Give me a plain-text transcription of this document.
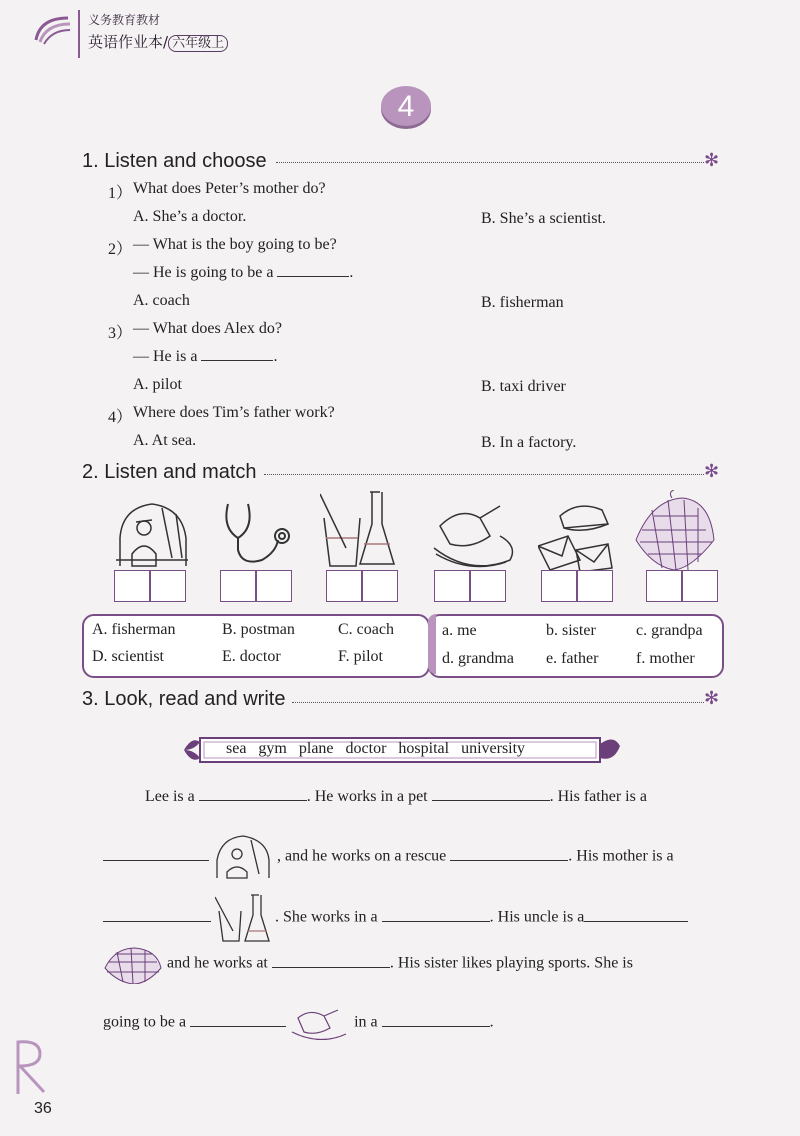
义务教育教材
英语作业本/ 六年级上
4
1. Listen and choose	✻
1） What does Peter’s mother do?
A. She’s a doctor.	B. She’s a scientist.
2） — What is the boy going to be?
— He is going to be a	.
A. coach	B. fisherman
3） — What does Alex do?
— He is a	.
A. pilot	B. taxi driver
4） Where does Tim’s father work?
A. At sea.	B. In a factory.
2. Listen and match	✻
A. fisherman	B. postman	C. coach
D. scientist	E. doctor	F. pilot
a. me	b. sister	c. grandpa
d. grandma e. father f. mother
3. Look, read and write	✻
sea   gym   plane   doctor   hospital   university
Lee is a	. He works in a pet	. His father is a

, and he works on a rescue	. His mother is a

. She works in a	. His uncle is a
and he works at	. His sister likes playing sports. She is
going to be a	in a	.
36
